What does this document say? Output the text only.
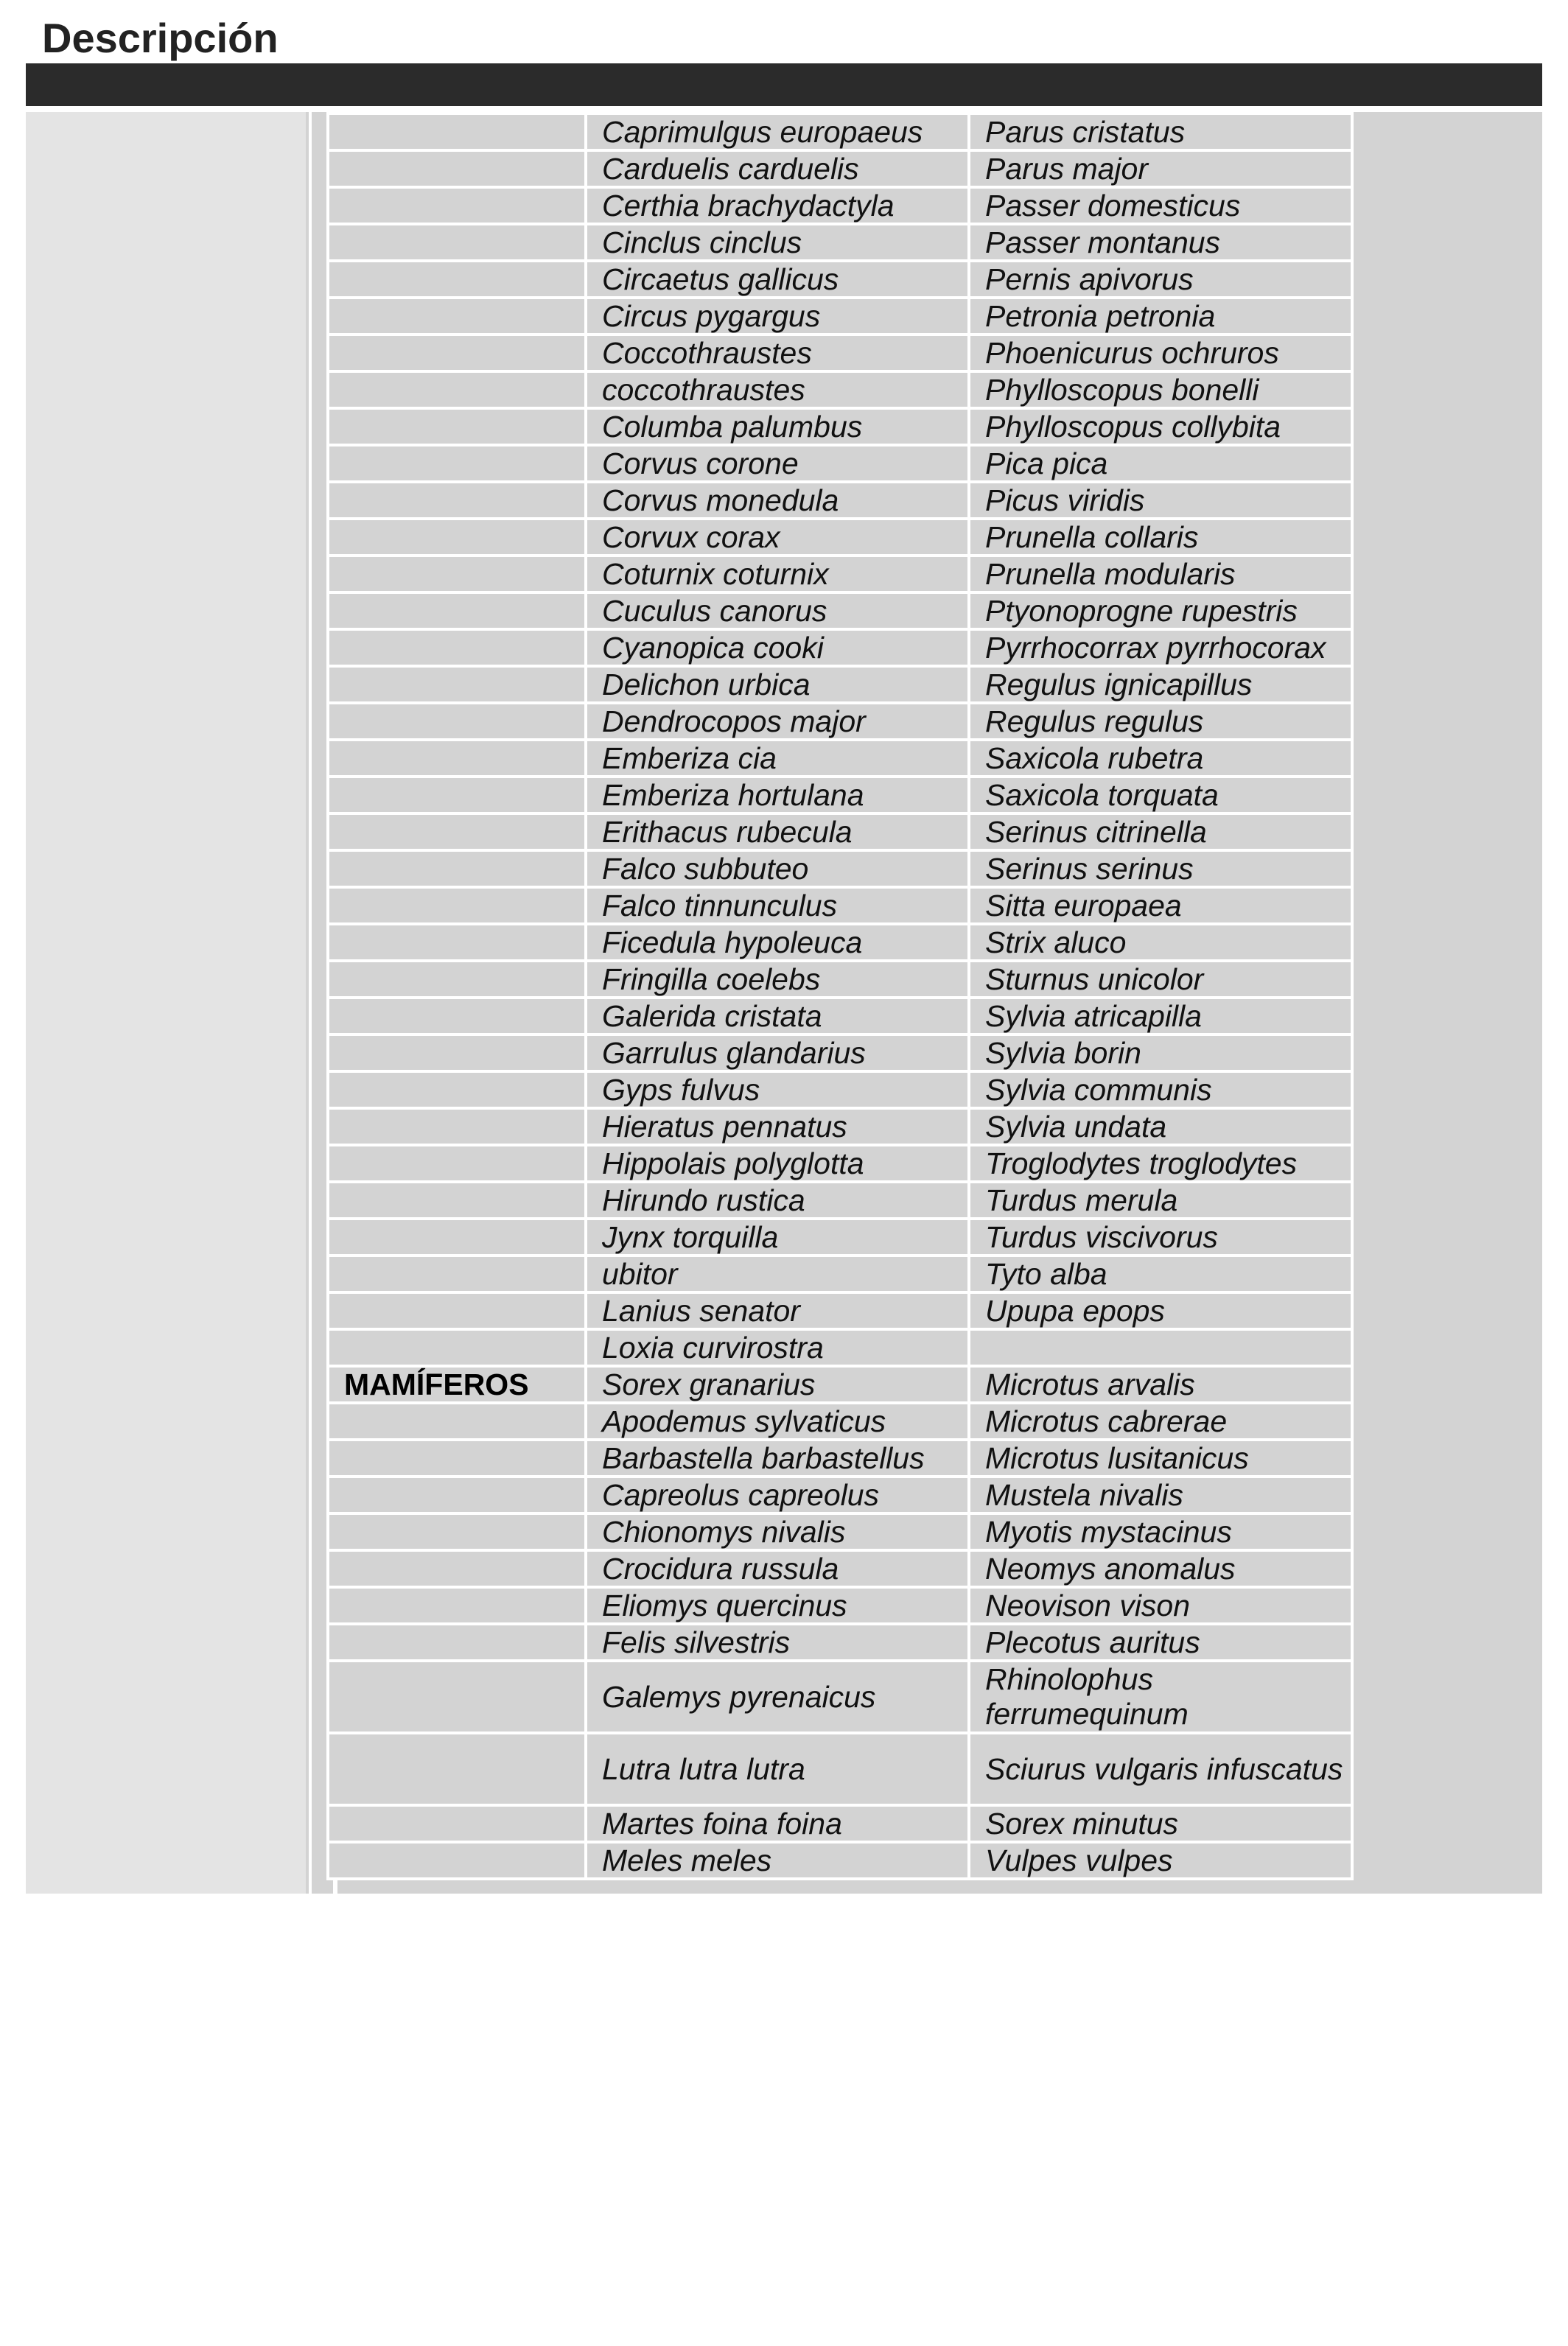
Descripción
	Caprimulgus europaeus	Parus cristatus
	Carduelis carduelis	Parus major
	Certhia brachydactyla	Passer domesticus
	Cinclus cinclus	Passer montanus
	Circaetus gallicus	Pernis apivorus
	Circus pygargus	Petronia petronia
	Coccothraustes	Phoenicurus ochruros
	coccothraustes	Phylloscopus bonelli
	Columba palumbus	Phylloscopus collybita
	Corvus corone	Pica pica
	Corvus monedula	Picus viridis
	Corvux corax	Prunella collaris
	Coturnix coturnix	Prunella modularis
	Cuculus canorus	Ptyonoprogne rupestris
	Cyanopica cooki	Pyrrhocorrax pyrrhocorax
	Delichon urbica	Regulus ignicapillus
	Dendrocopos major	Regulus regulus
	Emberiza cia	Saxicola rubetra
	Emberiza hortulana	Saxicola torquata
	Erithacus rubecula	Serinus citrinella
	Falco subbuteo	Serinus serinus
	Falco tinnunculus	Sitta europaea
	Ficedula hypoleuca	Strix aluco
	Fringilla coelebs	Sturnus unicolor
	Galerida cristata	Sylvia atricapilla
	Garrulus glandarius	Sylvia borin
	Gyps fulvus	Sylvia communis
	Hieratus pennatus	Sylvia undata
	Hippolais polyglotta	Troglodytes troglodytes
	Hirundo rustica	Turdus merula
	Jynx torquilla	Turdus viscivorus
	ubitor	Tyto alba
	Lanius senator	Upupa epops
	Loxia curvirostra	
MAMÍFEROS	Sorex granarius	Microtus arvalis
	Apodemus sylvaticus	Microtus cabrerae
	Barbastella barbastellus	Microtus lusitanicus
	Capreolus capreolus	Mustela nivalis
	Chionomys nivalis	Myotis mystacinus
	Crocidura russula	Neomys anomalus
	Eliomys quercinus	Neovison vison
	Felis silvestris	Plecotus auritus
	Galemys pyrenaicus	Rhinolophus ferrumequinum
	Lutra lutra lutra	Sciurus vulgaris infuscatus
	Martes foina foina	Sorex minutus
	Meles meles	Vulpes vulpes
